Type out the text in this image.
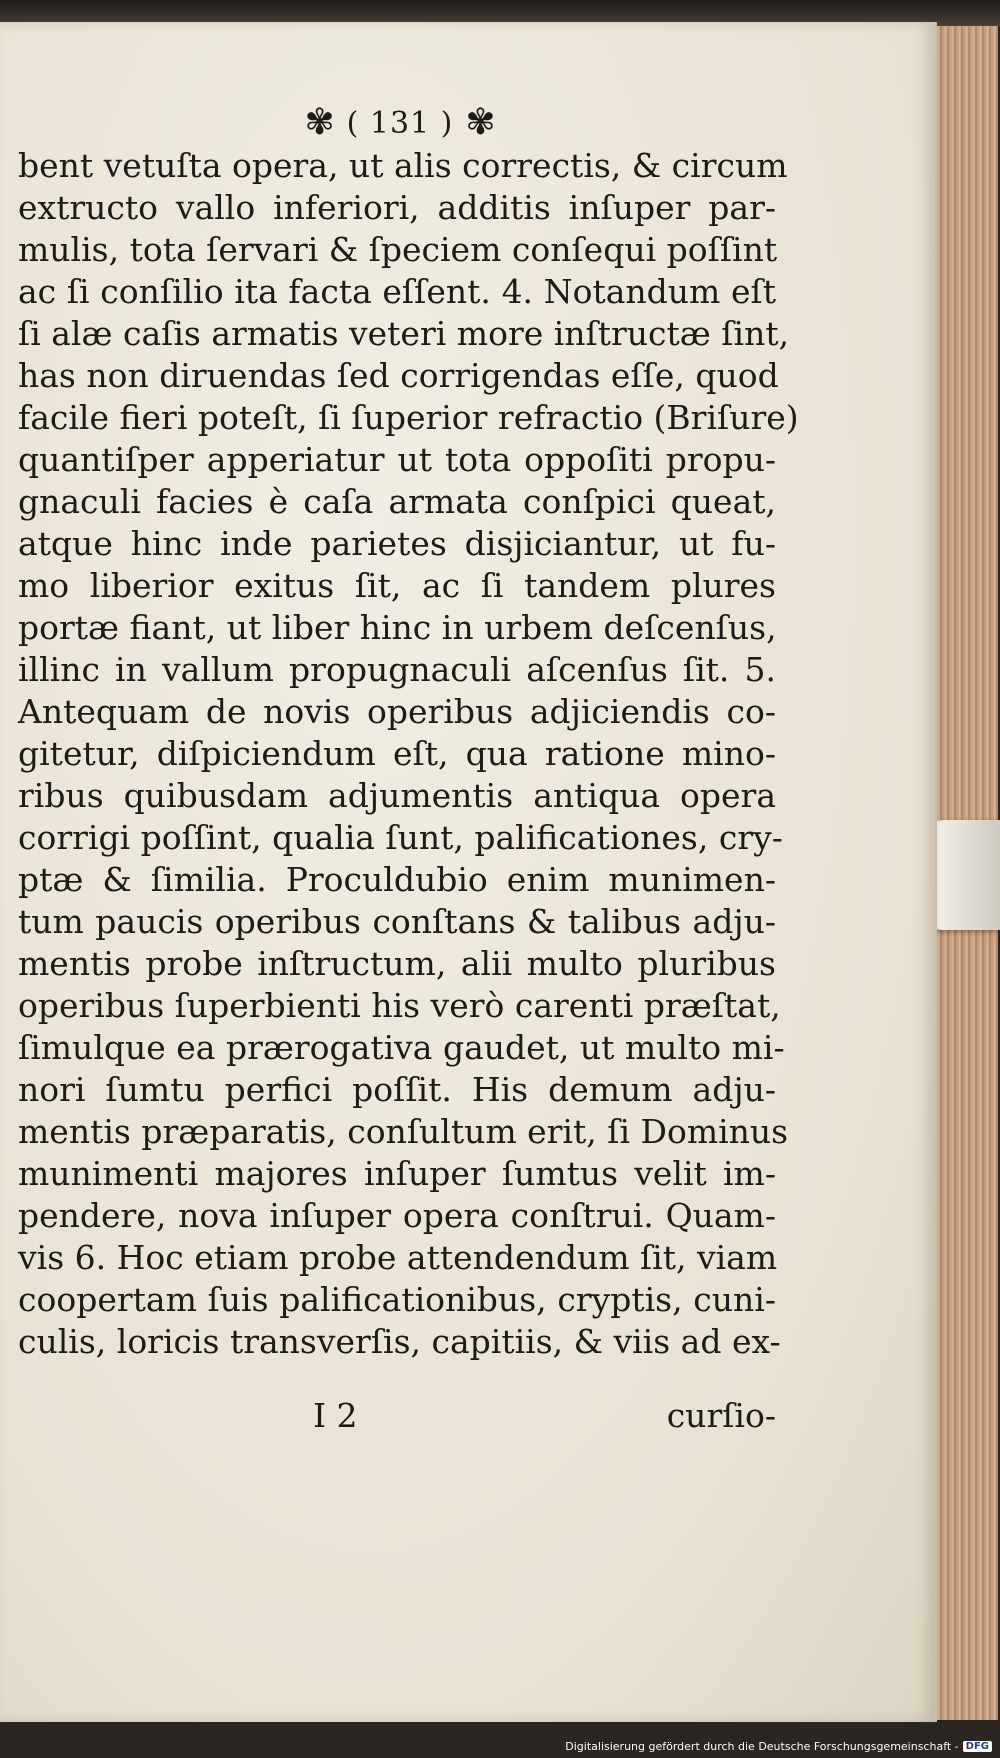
✾ ( 131 ) ✾
bent vetuſta opera, ut alis correctis, & circum
extructo vallo inferiori, additis inſuper par-
mulis, tota ſervari & ſpeciem conſequi poſſint
ac ſi conſilio ita facta eſſent. 4. Notandum eſt
ſi alæ caſis armatis veteri more inſtructæ ſint,
has non diruendas ſed corrigendas eſſe, quod
facile fieri poteſt, ſi ſuperior refractio (Briſure)
quantiſper apperiatur ut tota oppoſiti propu-
gnaculi facies è caſa armata conſpici queat,
atque hinc inde parietes disjiciantur, ut fu-
mo liberior exitus ſit, ac ſi tandem plures
portæ fiant, ut liber hinc in urbem deſcenſus,
illinc in vallum propugnaculi aſcenſus ſit. 5.
Antequam de novis operibus adjiciendis co-
gitetur, diſpiciendum eſt, qua ratione mino-
ribus quibusdam adjumentis antiqua opera
corrigi poſſint, qualia ſunt, palificationes, cry-
ptæ & ſimilia. Proculdubio enim munimen-
tum paucis operibus conſtans & talibus adju-
mentis probe inſtructum, alii multo pluribus
operibus ſuperbienti his verò carenti præſtat,
ſimulque ea prærogativa gaudet, ut multo mi-
nori ſumtu perfici poſſit. His demum adju-
mentis præparatis, conſultum erit, ſi Dominus
munimenti majores inſuper ſumtus velit im-
pendere, nova inſuper opera conſtrui. Quam-
vis 6. Hoc etiam probe attendendum ſit, viam
coopertam ſuis palificationibus, cryptis, cuni-
culis, loricis transverſis, capitiis, & viis ad ex-
I 2	curſio-
Digitalisierung gefördert durch die Deutsche Forschungsgemeinschaft - DFG
